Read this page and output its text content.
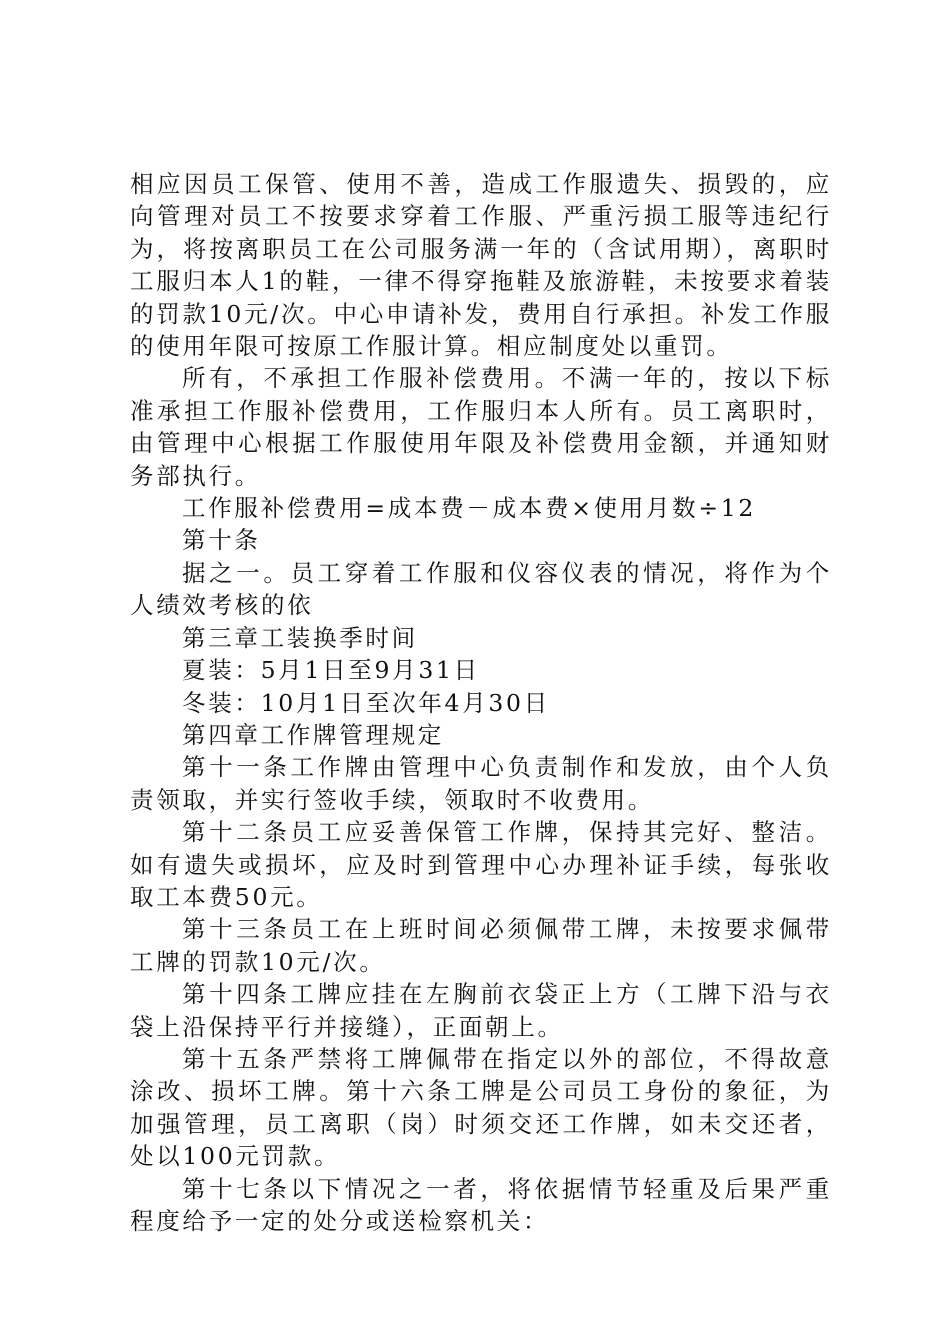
相应因员工保管、使用不善，造成工作服遗失、损毁的，应向管理对员工不按要求穿着工作服、严重污损工服等违纪行为，将按离职员工在公司服务满一年的（含试用期），离职时工服归本人1的鞋，一律不得穿拖鞋及旅游鞋，未按要求着装的罚款10元/次。中心申请补发，费用自行承担。补发工作服的使用年限可按原工作服计算。相应制度处以重罚。

所有，不承担工作服补偿费用。不满一年的，按以下标准承担工作服补偿费用，工作服归本人所有。员工离职时，由管理中心根据工作服使用年限及补偿费用金额，并通知财务部执行。

工作服补偿费用=成本费－成本费×使用月数÷12

第十条

据之一。员工穿着工作服和仪容仪表的情况，将作为个人绩效考核的依

第三章工装换季时间

夏装：5月1日至9月31日

冬装：10月1日至次年4月30日

第四章工作牌管理规定

第十一条工作牌由管理中心负责制作和发放，由个人负责领取，并实行签收手续，领取时不收费用。

第十二条员工应妥善保管工作牌，保持其完好、整洁。如有遗失或损坏，应及时到管理中心办理补证手续，每张收取工本费50元。

第十三条员工在上班时间必须佩带工牌，未按要求佩带工牌的罚款10元/次。

第十四条工牌应挂在左胸前衣袋正上方（工牌下沿与衣袋上沿保持平行并接缝），正面朝上。

第十五条严禁将工牌佩带在指定以外的部位，不得故意涂改、损坏工牌。第十六条工牌是公司员工身份的象征，为加强管理，员工离职（岗）时须交还工作牌，如未交还者，处以100元罚款。

第十七条以下情况之一者，将依据情节轻重及后果严重程度给予一定的处分或送检察机关：
